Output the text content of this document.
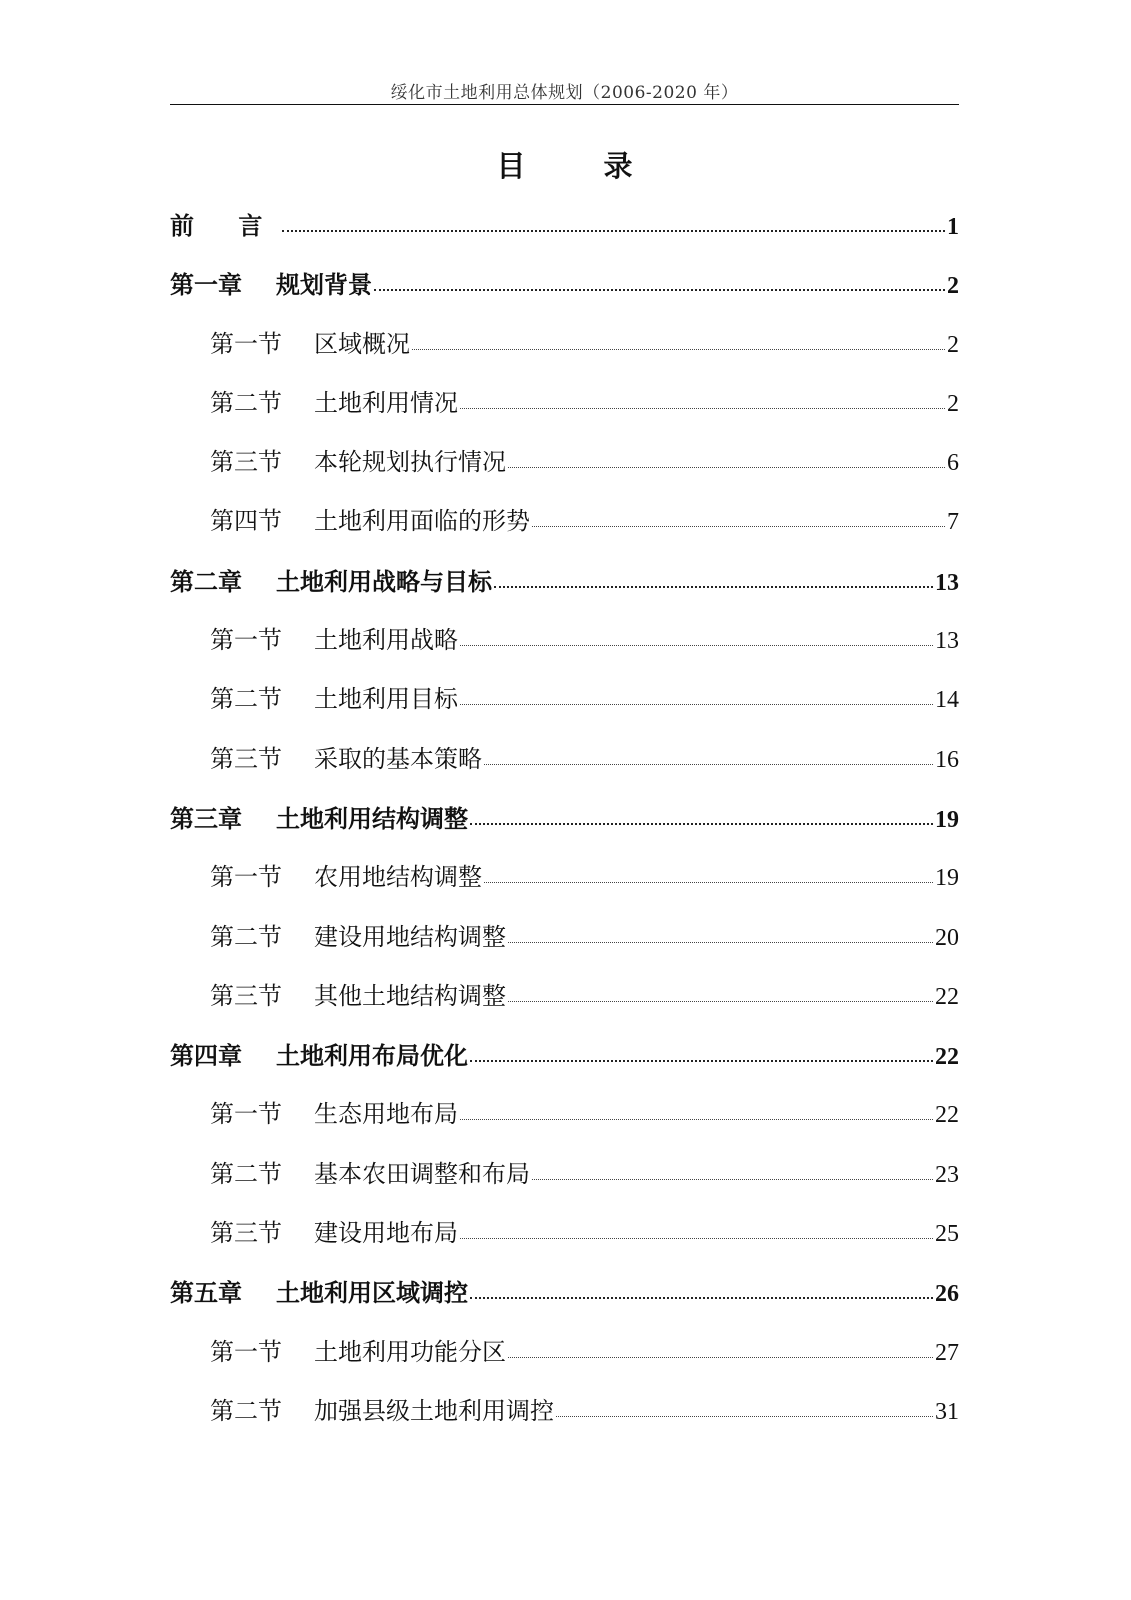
绥化市土地利用总体规划（2006-2020 年）
目 录
前 言	1
第一章 规划背景	2
第一节 区域概况	2
第二节 土地利用情况	2
第三节 本轮规划执行情况	6
第四节 土地利用面临的形势	7
第二章 土地利用战略与目标	13
第一节 土地利用战略	13
第二节 土地利用目标	14
第三节 采取的基本策略	16
第三章 土地利用结构调整	19
第一节 农用地结构调整	19
第二节 建设用地结构调整	20
第三节 其他土地结构调整	22
第四章 土地利用布局优化	22
第一节 生态用地布局	22
第二节 基本农田调整和布局	23
第三节 建设用地布局	25
第五章 土地利用区域调控	26
第一节 土地利用功能分区	27
第二节 加强县级土地利用调控	31
